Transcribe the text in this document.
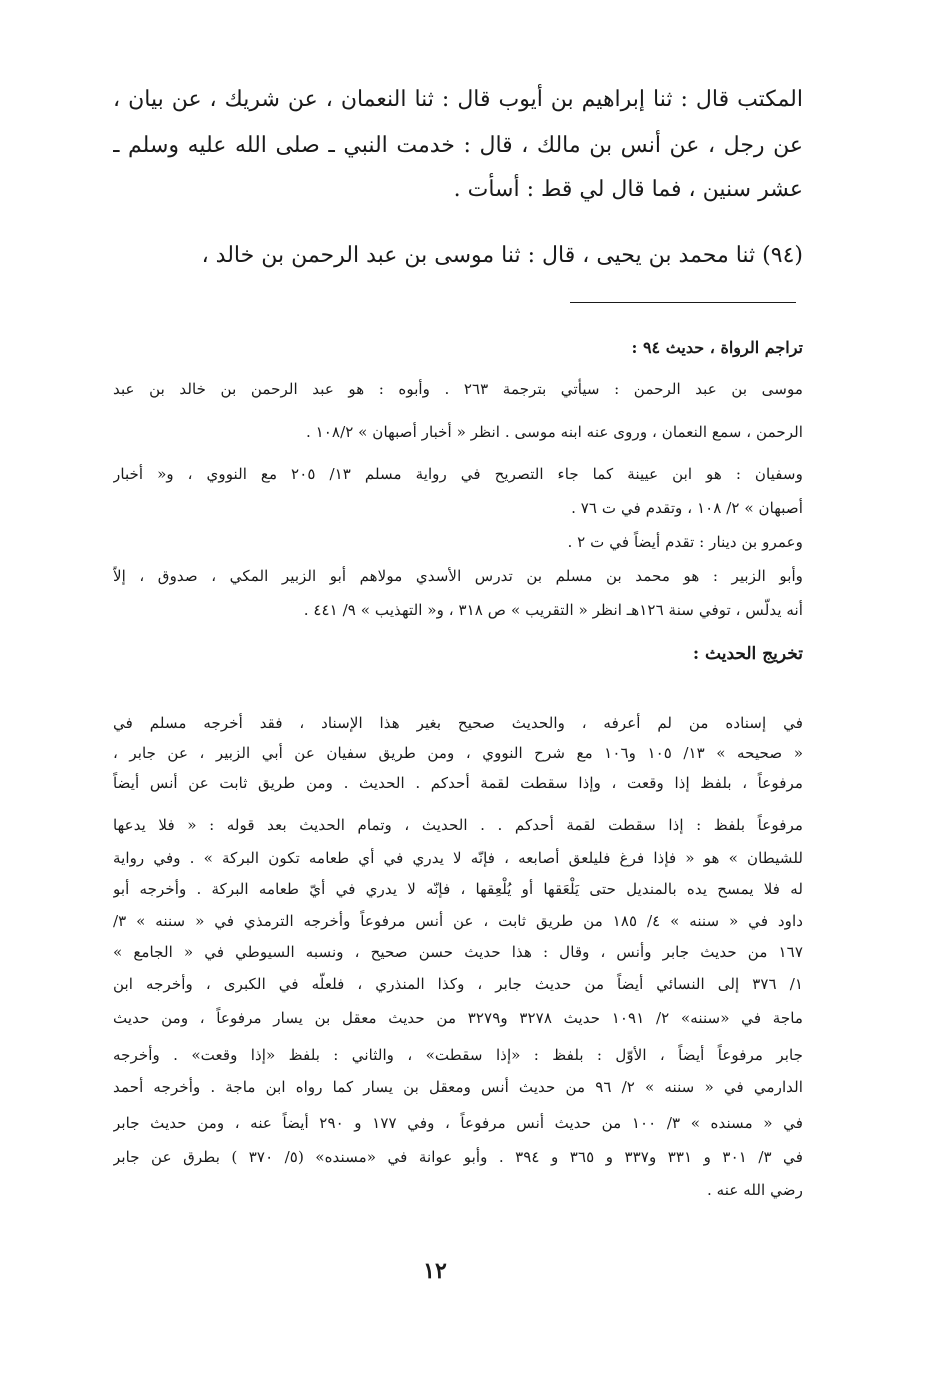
المكتب قال : ثنا إبراهيم بن أيوب قال : ثنا النعمان ، عن شريك ، عن بيان ،
عن رجل ، عن أنس بن مالك ، قال : خدمت النبي ـ صلى الله عليه وسلم ـ
عشر سنين ، فما قال لي قط : أسأت .
(٩٤) ثنا محمد بن يحيى ، قال : ثنا موسى بن عبد الرحمن بن خالد ،
تراجم الرواة ، حديث ٩٤ :
موسى بن عبد الرحمن : سيأتي بترجمة ٢٦٣ . وأبوه : هو عبد الرحمن بن خالد بن عبد
الرحمن ، سمع النعمان ، وروى عنه ابنه موسى . انظر « أخبار أصبهان » ١٠٨/٢ .
وسفيان : هو ابن عيينة كما جاء التصريح في رواية مسلم ١٣/ ٢٠٥ مع النووي ، و« أخبار
أصبهان » ٢/ ١٠٨ ، وتقدم في ت ٧٦ .
وعمرو بن دينار : تقدم أيضاً في ت ٢ .
وأبو الزبير : هو محمد بن مسلم بن تدرس الأسدي مولاهم أبو الزبير المكي ، صدوق ، إلاّ
أنه يدلّس ، توفي سنة ١٢٦هـ انظر « التقريب » ص ٣١٨ ، و« التهذيب » ٩/ ٤٤١ .
تخريج الحديث :
في إسناده من لم أعرفه ، والحديث صحيح بغير هذا الإسناد ، فقد أخرجه مسلم في
« صحيحه » ١٣/ ١٠٥ و١٠٦ مع شرح النووي ، ومن طريق سفيان عن أبي الزبير ، عن جابر ،
مرفوعاً ، بلفظ إذا وقعت ، وإذا سقطت لقمة أحدكم . الحديث . ومن طريق ثابت عن أنس أيضاً
مرفوعاً بلفظ : إذا سقطت لقمة أحدكم . . الحديث ، وتمام الحديث بعد قوله : « فلا يدعها
للشيطان » هو « فإذا فرغ فليلعق أصابعه ، فإنّه لا يدري في أي طعامه تكون البركة » . وفي رواية
له فلا يمسح يده بالمنديل حتى يَلْعَقها أو يُلْعِقها ، فإنّه لا يدري في أيّ طعامه البركة . وأخرجه أبو
داود في « سننه » ٤/ ١٨٥ من طريق ثابت ، عن أنس مرفوعاً وأخرجه الترمذي في « سننه » ٣/
١٦٧ من حديث جابر وأنس ، وقال : هذا حديث حسن صحيح ، ونسبه السيوطي في « الجامع »
١/ ٣٧٦ إلى النسائي أيضاً من حديث جابر ، وكذا المنذري ، فلعلّه في الكبرى ، وأخرجه ابن
ماجة في «سننه» ٢/ ١٠٩١ حديث ٣٢٧٨ و٣٢٧٩ من حديث معقل بن يسار مرفوعاً ، ومن حديث
جابر مرفوعاً أيضاً ، الأوّل : بلفظ : «إذا سقطت» ، والثاني : بلفظ «إذا وقعت» . وأخرجه
الدارمي في « سننه » ٢/ ٩٦ من حديث أنس ومعقل بن يسار كما رواه ابن ماجة . وأخرجه أحمد
في « مسنده » ٣/ ١٠٠ من حديث أنس مرفوعاً ، وفي ١٧٧ و ٢٩٠ أيضاً عنه ، ومن حديث جابر
في ٣/ ٣٠١ و ٣٣١ و٣٣٧ و ٣٦٥ و ٣٩٤ . وأبو عوانة في «مسنده» (٥/ ٣٧٠ ) بطرق عن جابر
رضي الله عنه .
١٢
